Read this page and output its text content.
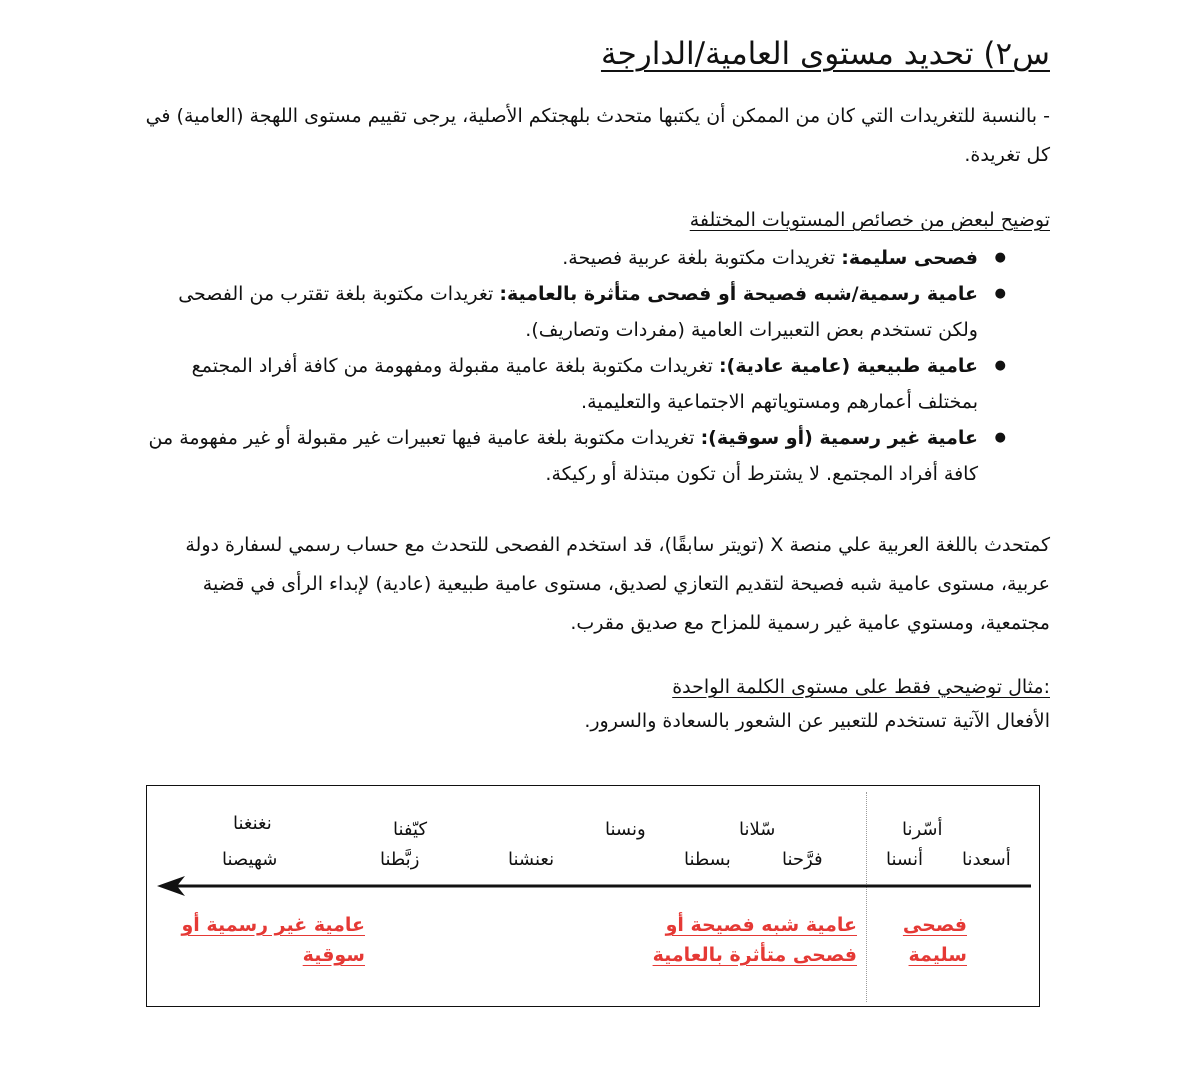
س٢) تحديد مستوى العامية/الدارجة
- بالنسبة للتغريدات التي كان من الممكن أن يكتبها متحدث بلهجتكم الأصلية، يرجى تقييم مستوى اللهجة (العامية) في كل تغريدة.
توضيح لبعض من خصائص المستويات المختلفة
● فصحى سليمة: تغريدات مكتوبة بلغة عربية فصيحة.
● عامية رسمية/شبه فصيحة أو فصحى متأثرة بالعامية: تغريدات مكتوبة بلغة تقترب من الفصحى ولكن تستخدم بعض التعبيرات العامية (مفردات وتصاريف).
● عامية طبيعية (عامية عادية): تغريدات مكتوبة بلغة عامية مقبولة ومفهومة من كافة أفراد المجتمع بمختلف أعمارهم ومستوياتهم الاجتماعية والتعليمية.
● عامية غير رسمية (أو سوقية): تغريدات مكتوبة بلغة عامية فيها تعبيرات غير مقبولة أو غير مفهومة من كافة أفراد المجتمع. لا يشترط أن تكون مبتذلة أو ركيكة.
كمتحدث باللغة العربية علي منصة X (تويتر سابقًا)، قد استخدم الفصحى للتحدث مع حساب رسمي لسفارة دولة عربية، مستوى عامية شبه فصيحة لتقديم التعازي لصديق، مستوى عامية طبيعية (عادية) لإبداء الرأى في قضية مجتمعية، ومستوي عامية غير رسمية للمزاح مع صديق مقرب.
:مثال توضيحي فقط على مستوى الكلمة الواحدة
الأفعال الآتية تستخدم للتعبير عن الشعور بالسعادة والسرور.
أسّرنا
أسعدنا
أنسنا
سّلانا
فرَّحنا
بسطنا
ونسنا
نعنشنا
كيّفنا
زبَّطنا
نغنغنا
شهيصنا
فصحى سليمة
عامية شبه فصيحة أو فصحى متأثرة بالعامية
عامية غير رسمية أو سوقية
